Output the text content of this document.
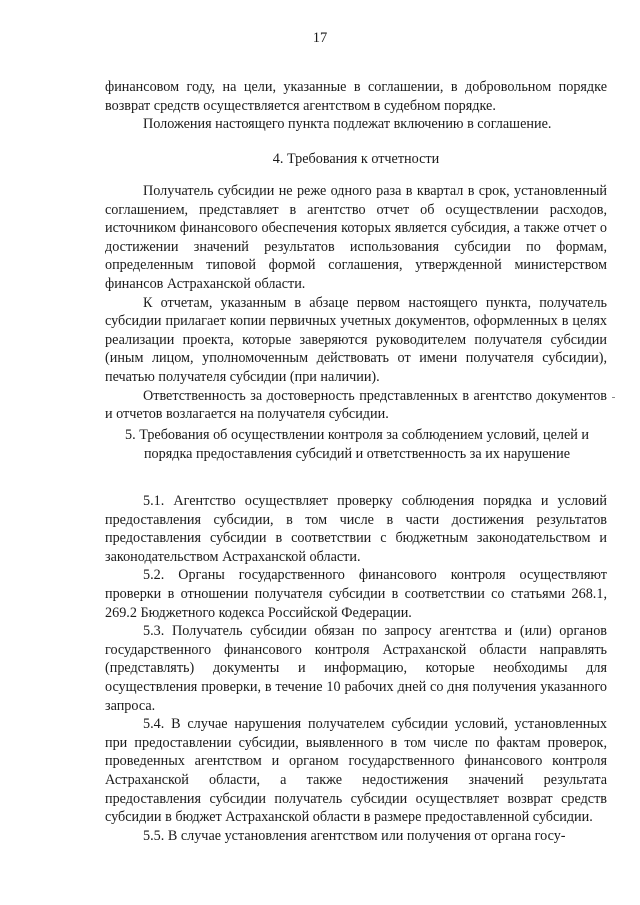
17

финансовом году, на цели, указанные в соглашении, в добровольном порядке возврат средств осуществляется агентством в судебном порядке.

Положения настоящего пункта подлежат включению в соглашение.

4. Требования к отчетности

Получатель субсидии не реже одного раза в квартал в срок, установленный соглашением, представляет в агентство отчет об осуществлении расходов, источником финансового обеспечения которых является субсидия, а также отчет о достижении значений результатов использования субсидии по формам, определенным типовой формой соглашения, утвержденной министерством финансов Астраханской области.

К отчетам, указанным в абзаце первом настоящего пункта, получатель субсидии прилагает копии первичных учетных документов, оформленных в целях реализации проекта, которые заверяются руководителем получателя субсидии (иным лицом, уполномоченным действовать от имени получателя субсидии), печатью получателя субсидии (при наличии).

Ответственность за достоверность представленных в агентство документов и отчетов возлагается на получателя субсидии.

5. Требования об осуществлении контроля за соблюдением условий, целей и порядка предоставления субсидий и ответственность за их нарушение

5.1. Агентство осуществляет проверку соблюдения порядка и условий предоставления субсидии, в том числе в части достижения результатов предоставления субсидии в соответствии с бюджетным законодательством и законодательством Астраханской области.

5.2. Органы государственного финансового контроля осуществляют проверки в отношении получателя субсидии в соответствии со статьями 268.1, 269.2 Бюджетного кодекса Российской Федерации.

5.3. Получатель субсидии обязан по запросу агентства и (или) органов государственного финансового контроля Астраханской области направлять (представлять) документы и информацию, которые необходимы для осуществления проверки, в течение 10 рабочих дней со дня получения указанного запроса.

5.4. В случае нарушения получателем субсидии условий, установленных при предоставлении субсидии, выявленного в том числе по фактам проверок, проведенных агентством и органом государственного финансового контроля Астраханской области, а также недостижения значений результата предоставления субсидии получатель субсидии осуществляет возврат средств субсидии в бюджет Астраханской области в размере предоставленной субсидии.

5.5. В случае установления агентством или получения от органа госу-
